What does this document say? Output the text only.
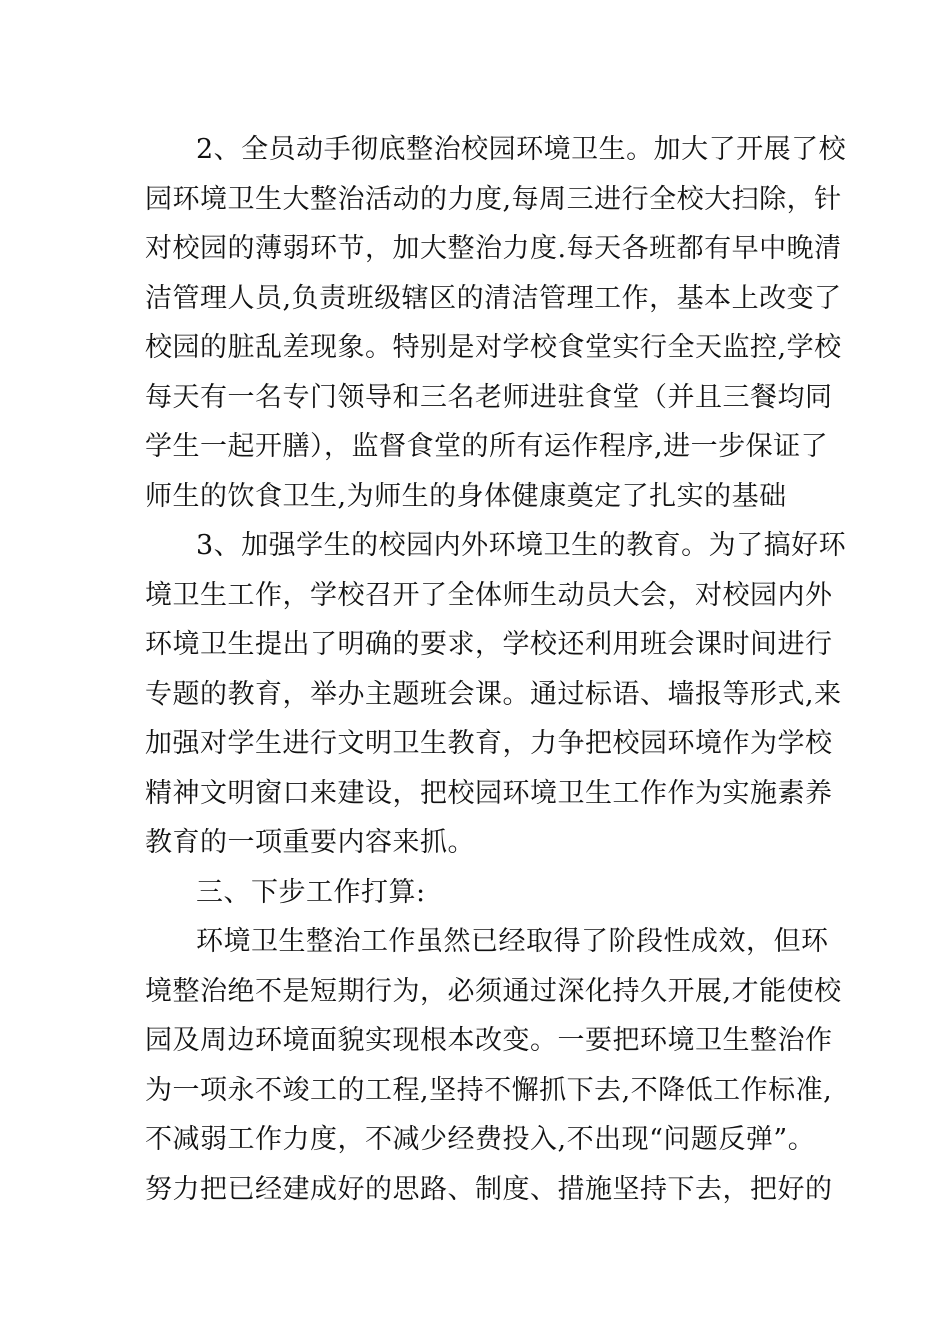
2、全员动手彻底整治校园环境卫生。加大了开展了校
园环境卫生大整治活动的力度,每周三进行全校大扫除，针
对校园的薄弱环节，加大整治力度.每天各班都有早中晚清
洁管理人员,负责班级辖区的清洁管理工作，基本上改变了
校园的脏乱差现象。特别是对学校食堂实行全天监控,学校
每天有一名专门领导和三名老师进驻食堂（并且三餐均同
学生一起开膳），监督食堂的所有运作程序,进一步保证了
师生的饮食卫生,为师生的身体健康奠定了扎实的基础
3、加强学生的校园内外环境卫生的教育。为了搞好环
境卫生工作，学校召开了全体师生动员大会，对校园内外
环境卫生提出了明确的要求，学校还利用班会课时间进行
专题的教育，举办主题班会课。通过标语、墙报等形式,来
加强对学生进行文明卫生教育，力争把校园环境作为学校
精神文明窗口来建设，把校园环境卫生工作作为实施素养
教育的一项重要内容来抓。
三、下步工作打算:
环境卫生整治工作虽然已经取得了阶段性成效，但环
境整治绝不是短期行为，必须通过深化持久开展,才能使校
园及周边环境面貌实现根本改变。一要把环境卫生整治作
为一项永不竣工的工程,坚持不懈抓下去,不降低工作标准,
不减弱工作力度，不减少经费投入,不出现“问题反弹”。
努力把已经建成好的思路、制度、措施坚持下去，把好的
